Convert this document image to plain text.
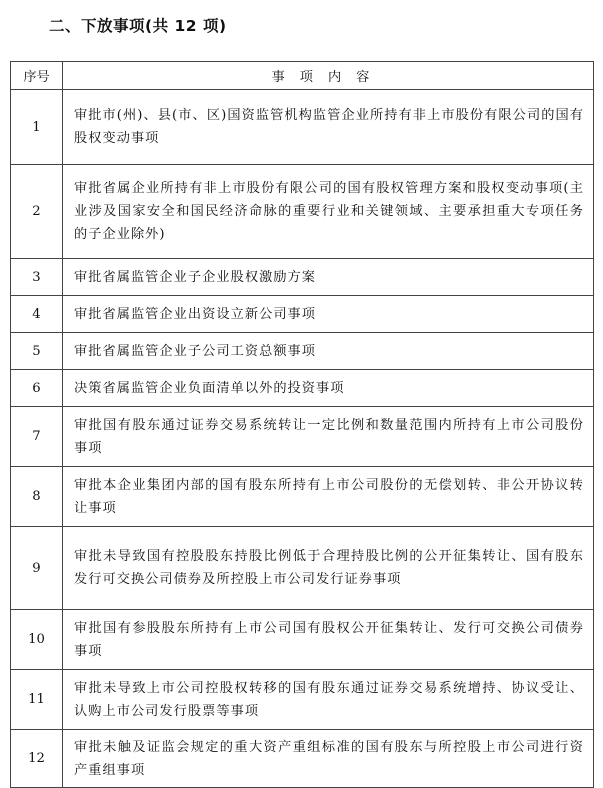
二、下放事项(共 12 项)
序号	事项内容
1	审批市(州)、县(市、区)国资监管机构监管企业所持有非上市股份有限公司的国有股权变动事项
2	审批省属企业所持有非上市股份有限公司的国有股权管理方案和股权变动事项(主业涉及国家安全和国民经济命脉的重要行业和关键领域、主要承担重大专项任务的子企业除外)
3	审批省属监管企业子企业股权激励方案
4	审批省属监管企业出资设立新公司事项
5	审批省属监管企业子公司工资总额事项
6	决策省属监管企业负面清单以外的投资事项
7	审批国有股东通过证券交易系统转让一定比例和数量范围内所持有上市公司股份事项
8	审批本企业集团内部的国有股东所持有上市公司股份的无偿划转、非公开协议转让事项
9	审批未导致国有控股股东持股比例低于合理持股比例的公开征集转让、国有股东发行可交换公司债券及所控股上市公司发行证券事项
10	审批国有参股股东所持有上市公司国有股权公开征集转让、发行可交换公司债券事项
11	审批未导致上市公司控股权转移的国有股东通过证券交易系统增持、协议受让、认购上市公司发行股票等事项
12	审批未触及证监会规定的重大资产重组标准的国有股东与所控股上市公司进行资产重组事项
